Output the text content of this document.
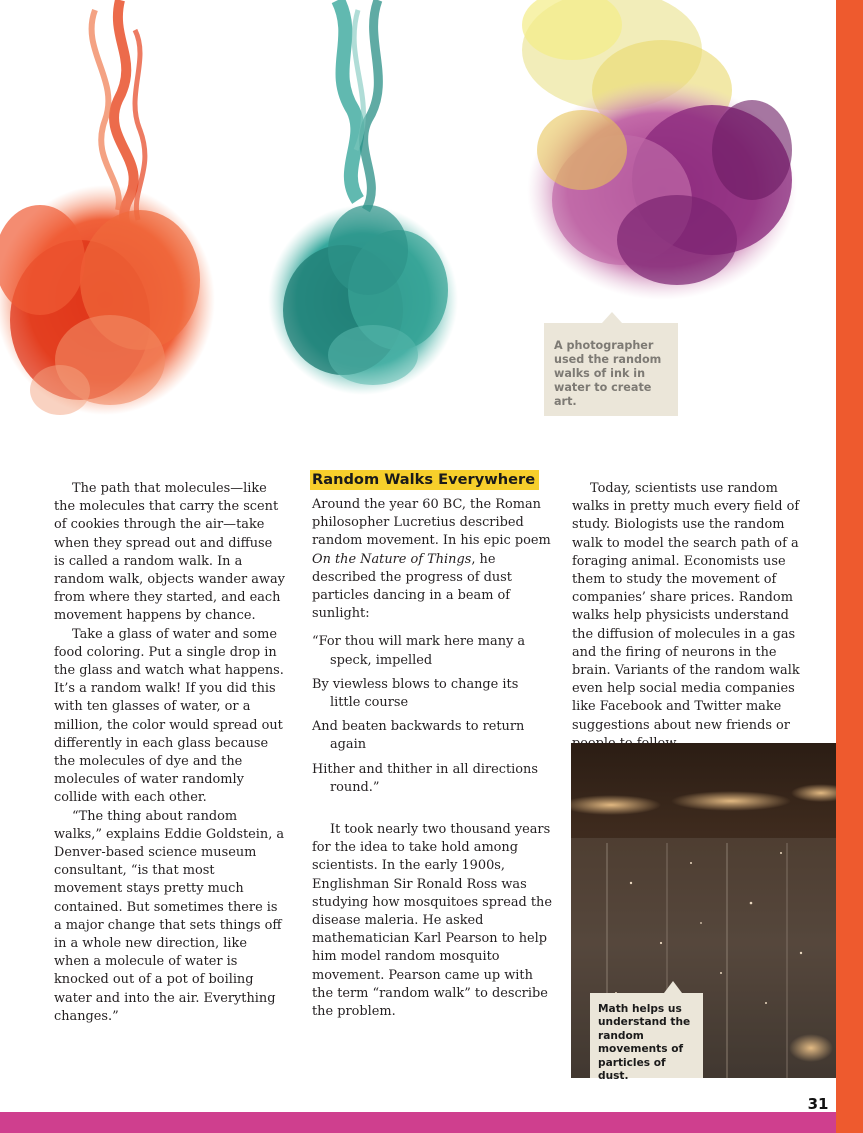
A photographer used the random walks of ink in water to create art.

The path that molecules—like the molecules that carry the scent of cookies through the air—take when they spread out and diffuse is called a random walk. In a random walk, objects wander away from where they started, and each movement happens by chance.

Take a glass of water and some food coloring. Put a single drop in the glass and watch what happens. It’s a random walk! If you did this with ten glasses of water, or a million, the color would spread out differently in each glass because the molecules of dye and the molecules of water randomly collide with each other.

“The thing about random walks,” explains Eddie Goldstein, a Denver-based science museum consultant, “is that most movement stays pretty much contained. But sometimes there is a major change that sets things off in a whole new direction, like when a molecule of water is knocked out of a pot of boiling water and into the air. Everything changes.”

Random Walks Everywhere

Around the year 60 BC, the Roman philosopher Lucretius described random movement. In his epic poem On the Nature of Things, he described the progress of dust particles dancing in a beam of sunlight:

“For thou will mark here many a speck, impelled

By viewless blows to change its little course

And beaten backwards to return again

Hither and thither in all directions round.”

It took nearly two thousand years for the idea to take hold among scientists. In the early 1900s, Englishman Sir Ronald Ross was studying how mosquitoes spread the disease maleria. He asked mathematician Karl Pearson to help him model random mosquito movement. Pearson came up with the term “random walk” to describe the problem.

Today, scientists use random walks in pretty much every field of study. Biologists use the random walk to model the search path of a foraging animal. Economists use them to study the movement of companies’ share prices. Random walks help physicists understand the diffusion of molecules in a gas and the firing of neurons in the brain. Variants of the random walk even help social media companies like Facebook and Twitter make suggestions about new friends or

Math helps us understand the random movements of particles of dust.
31
